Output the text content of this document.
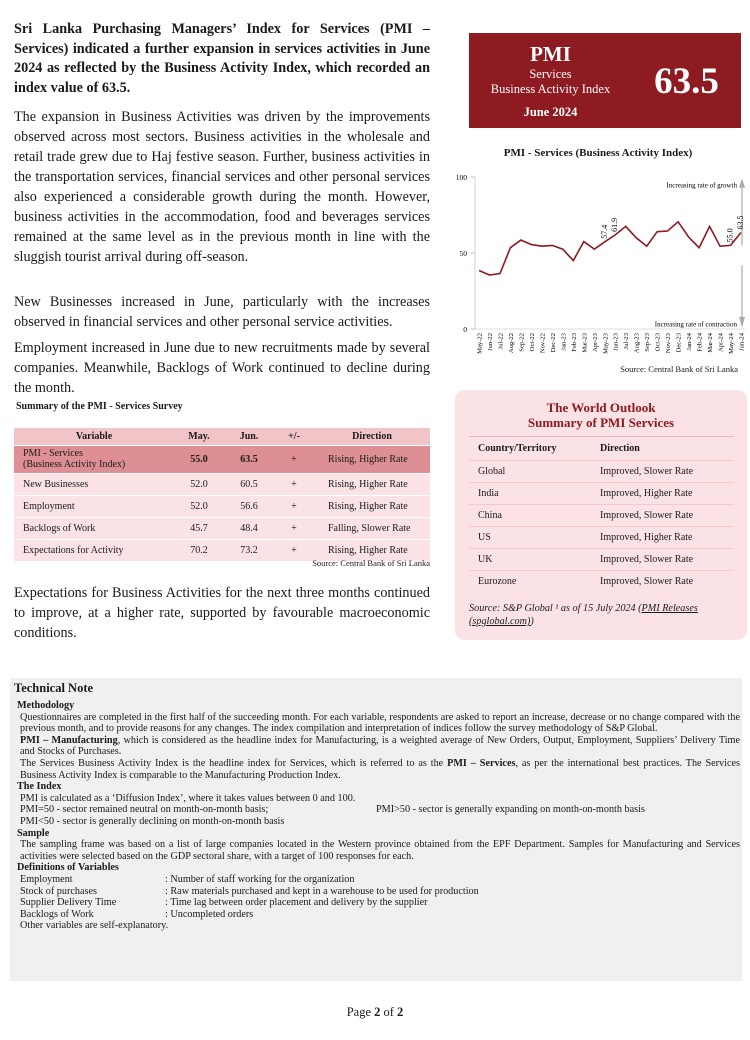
Sri Lanka Purchasing Managers’ Index for Services (PMI – Services) indicated a further expansion in services activities in June 2024 as reflected by the Business Activity Index, which recorded an index value of 63.5.
The expansion in Business Activities was driven by the improvements observed across most sectors. Business activities in the wholesale and retail trade grew due to Haj festive season. Further, business activities in the transportation services, financial services and other personal services also experienced a considerable growth during the month. However, business activities in the accommodation, food and beverages services remained at the same level as in the previous month in line with the sluggish tourist arrival during off-season.
New Businesses increased in June, particularly with the increases observed in financial services and other personal service activities.
Employment increased in June due to new recruitments made by several companies. Meanwhile, Backlogs of Work continued to decline during the month.
Summary of the PMI - Services Survey
Variable	May.	Jun.	+/-	Direction
PMI - Services
(Business Activity Index)	55.0	63.5	+	Rising, Higher Rate
New Businesses	52.0	60.5	+	Rising, Higher Rate
Employment	52.0	56.6	+	Rising, Higher Rate
Backlogs of Work	45.7	48.4	+	Falling, Slower Rate
Expectations for Activity	70.2	73.2	+	Rising, Higher Rate
Source: Central Bank of Sri Lanka
Expectations for Business Activities for the next three months continued to improve, at a higher rate, supported by favourable macroeconomic conditions.
PMI
Services
Business Activity Index
June 2024
63.5
PMI - Services (Business Activity Index)
0
50
100
Increasing rate of growth
Increasing rate of contraction
57.4 61.9
55.0
63.5
May-22 Jun-22 Jul-22 Aug-22 Sep-22 Oct-22 Nov-22 Dec-22 Jan-23 Feb-23 Mar-23 Apr-23 May-23 Jun-23 Jul-23 Aug-23 Sep-23 Oct-23 Nov-23 Dec-23 Jan-24 Feb-24 Mar-24 Apr-24 May-24 Jun-24
Source: Central Bank of Sri Lanka
The World Outlook
Summary of PMI Services
Country/Territory	Direction
Global	Improved, Slower Rate
India	Improved, Higher Rate
China	Improved, Slower Rate
US	Improved, Higher Rate
UK	Improved, Slower Rate
Eurozone	Improved, Slower Rate
Source: S&P Global ¹ as of 15 July 2024 (PMI Releases (spglobal.com))
Technical Note
Methodology
Questionnaires are completed in the first half of the succeeding month. For each variable, respondents are asked to report an increase, decrease or no change compared with the previous month, and to provide reasons for any changes. The index compilation and interpretation of indices follow the survey methodology of S&P Global.
PMI – Manufacturing, which is considered as the headline index for Manufacturing, is a weighted average of New Orders, Output, Employment, Suppliers’ Delivery Time and Stocks of Purchases.
The Services Business Activity Index is the headline index for Services, which is referred to as the PMI – Services, as per the international best practices. The Services Business Activity Index is comparable to the Manufacturing Production Index.
The Index
PMI is calculated as a ‘Diffusion Index’, where it takes values between 0 and 100.
PMI=50 - sector remained neutral on month-on-month basis;	PMI>50 - sector is generally expanding on month-on-month basis
PMI<50 - sector is generally declining on month-on-month basis
Sample
The sampling frame was based on a list of large companies located in the Western province obtained from the EPF Department. Samples for Manufacturing and Services activities were selected based on the GDP sectoral share, with a target of 100 responses for each.
Definitions of Variables
Employment	: Number of staff working for the organization
Stock of purchases	: Raw materials purchased and kept in a warehouse to be used for production
Supplier Delivery Time	: Time lag between order placement and delivery by the supplier
Backlogs of Work	: Uncompleted orders
Other variables are self-explanatory.
Page 2 of 2
